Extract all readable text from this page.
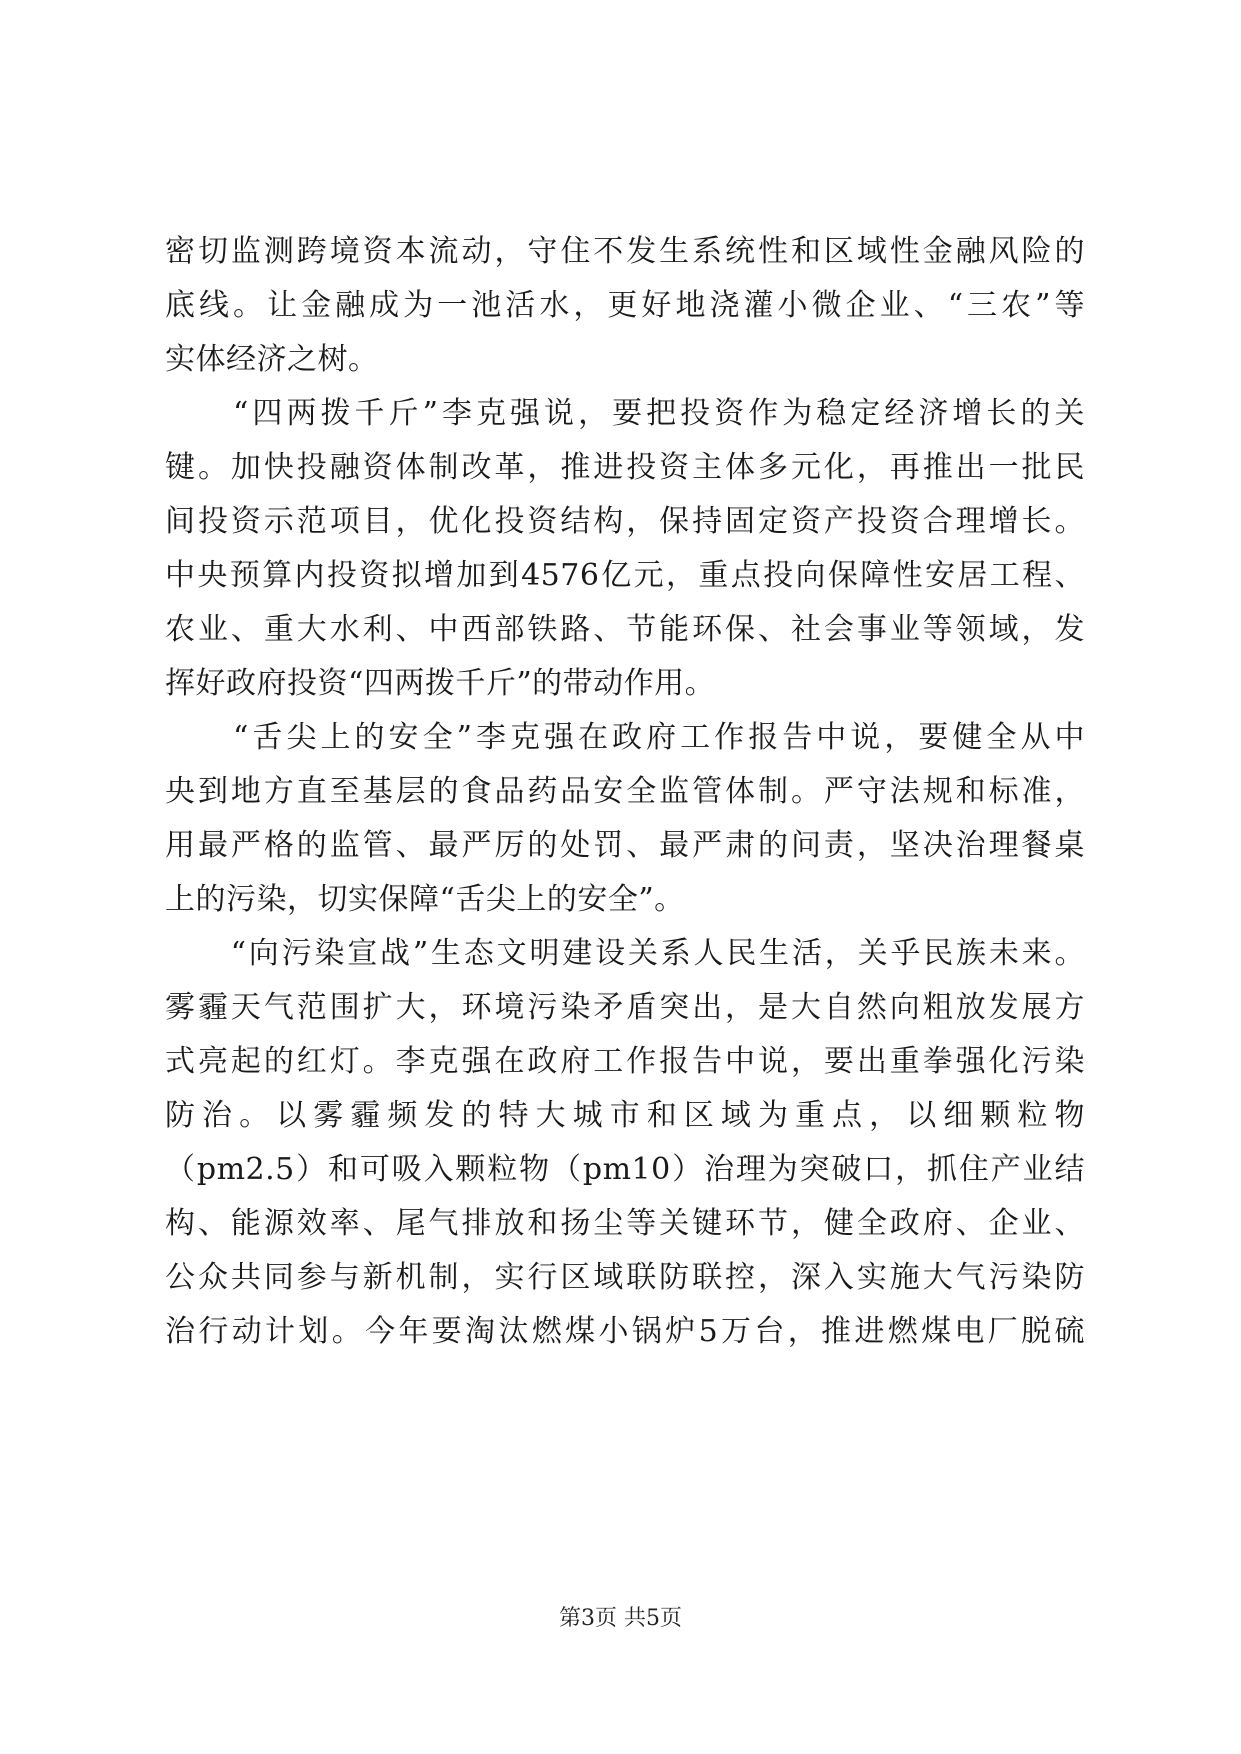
密切监测跨境资本流动，守住不发生系统性和区域性金融风险的
底线。让金融成为一池活水，更好地浇灌小微企业、“三农”等
实体经济之树。
　　“四两拨千斤”李克强说，要把投资作为稳定经济增长的关
键。加快投融资体制改革，推进投资主体多元化，再推出一批民
间投资示范项目，优化投资结构，保持固定资产投资合理增长。
中央预算内投资拟增加到4576亿元，重点投向保障性安居工程、
农业、重大水利、中西部铁路、节能环保、社会事业等领域，发
挥好政府投资“四两拨千斤”的带动作用。
　　“舌尖上的安全”李克强在政府工作报告中说，要健全从中
央到地方直至基层的食品药品安全监管体制。严守法规和标准，
用最严格的监管、最严厉的处罚、最严肃的问责，坚决治理餐桌
上的污染，切实保障“舌尖上的安全”。
　　“向污染宣战”生态文明建设关系人民生活，关乎民族未来。
雾霾天气范围扩大，环境污染矛盾突出，是大自然向粗放发展方
式亮起的红灯。李克强在政府工作报告中说，要出重拳强化污染
防治。以雾霾频发的特大城市和区域为重点，以细颗粒物
（pm2.5）和可吸入颗粒物（pm10）治理为突破口，抓住产业结
构、能源效率、尾气排放和扬尘等关键环节，健全政府、企业、
公众共同参与新机制，实行区域联防联控，深入实施大气污染防
治行动计划。今年要淘汰燃煤小锅炉5万台，推进燃煤电厂脱硫
第3页 共5页
